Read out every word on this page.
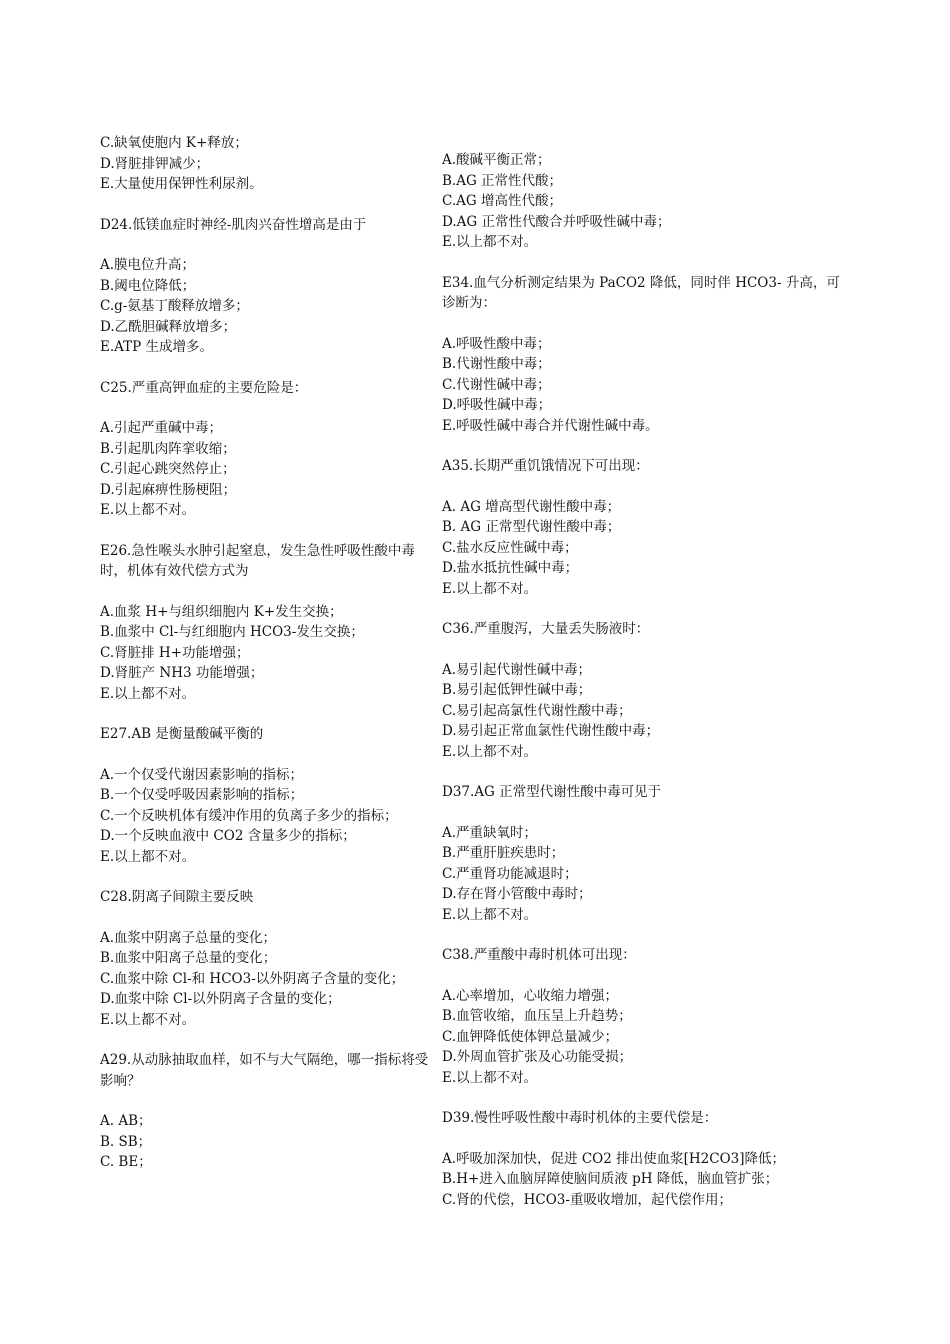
C.缺氧使胞内 K+释放；
D.肾脏排钾减少；
E.大量使用保钾性利尿剂。
D24.低镁血症时神经-肌肉兴奋性增高是由于
A.膜电位升高；
B.阈电位降低；
C.g-氨基丁酸释放增多；
D.乙酰胆碱释放增多；
E.ATP 生成增多。
C25.严重高钾血症的主要危险是：
A.引起严重碱中毒；
B.引起肌肉阵挛收缩；
C.引起心跳突然停止；
D.引起麻痹性肠梗阻；
E.以上都不对。
E26.急性喉头水肿引起窒息，发生急性呼吸性酸中毒时，机体有效代偿方式为
A.血浆 H+与组织细胞内 K+发生交换；
B.血浆中 Cl-与红细胞内 HCO3-发生交换；
C.肾脏排 H+功能增强；
D.肾脏产 NH3 功能增强；
E.以上都不对。
E27.AB 是衡量酸碱平衡的
A.一个仅受代谢因素影响的指标；
B.一个仅受呼吸因素影响的指标；
C.一个反映机体有缓冲作用的负离子多少的指标；
D.一个反映血液中 CO2 含量多少的指标；
E.以上都不对。
C28.阴离子间隙主要反映
A.血浆中阴离子总量的变化；
B.血浆中阳离子总量的变化；
C.血浆中除 Cl-和 HCO3-以外阴离子含量的变化；
D.血浆中除 Cl-以外阴离子含量的变化；
E.以上都不对。
A29.从动脉抽取血样，如不与大气隔绝，哪一指标将受影响？
A. AB；
B. SB；
C. BE；
A.酸碱平衡正常；
B.AG 正常性代酸；
C.AG 增高性代酸；
D.AG 正常性代酸合并呼吸性碱中毒；
E.以上都不对。
E34.血气分析测定结果为 PaCO2 降低，同时伴 HCO3- 升高，可诊断为：
A.呼吸性酸中毒；
B.代谢性酸中毒；
C.代谢性碱中毒；
D.呼吸性碱中毒；
E.呼吸性碱中毒合并代谢性碱中毒。
A35.长期严重饥饿情况下可出现：
A. AG 增高型代谢性酸中毒；
B. AG 正常型代谢性酸中毒；
C.盐水反应性碱中毒；
D.盐水抵抗性碱中毒；
E.以上都不对。
C36.严重腹泻，大量丢失肠液时：
A.易引起代谢性碱中毒；
B.易引起低钾性碱中毒；
C.易引起高氯性代谢性酸中毒；
D.易引起正常血氯性代谢性酸中毒；
E.以上都不对。
D37.AG 正常型代谢性酸中毒可见于
A.严重缺氧时；
B.严重肝脏疾患时；
C.严重肾功能减退时；
D.存在肾小管酸中毒时；
E.以上都不对。
C38.严重酸中毒时机体可出现：
A.心率增加，心收缩力增强；
B.血管收缩，血压呈上升趋势；
C.血钾降低使体钾总量减少；
D.外周血管扩张及心功能受损；
E.以上都不对。
D39.慢性呼吸性酸中毒时机体的主要代偿是：
A.呼吸加深加快，促进 CO2 排出使血浆[H2CO3]降低；
B.H+进入血脑屏障使脑间质液 pH 降低，脑血管扩张；
C.肾的代偿，HCO3-重吸收增加，起代偿作用；
